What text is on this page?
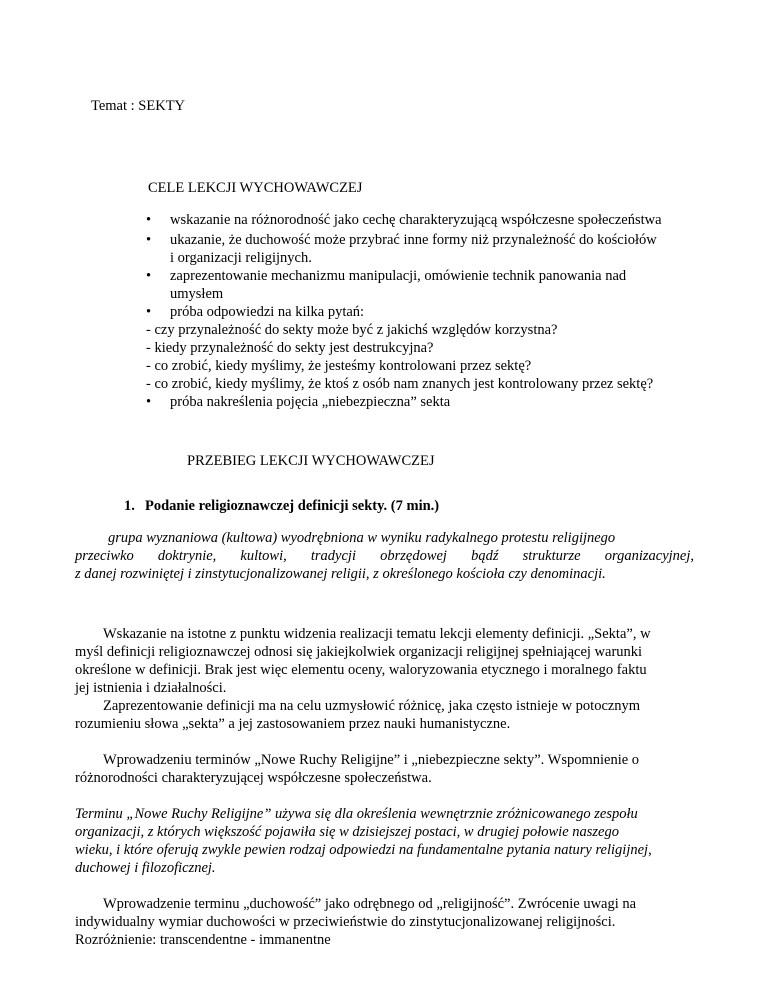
Temat : SEKTY
CELE LEKCJI WYCHOWAWCZEJ
• wskazanie na różnorodność jako cechę charakteryzującą współczesne społeczeństwa
• ukazanie, że duchowość może przybrać inne formy niż przynależność do kościołów
i organizacji religijnych.
• zaprezentowanie mechanizmu manipulacji, omówienie technik panowania nad
umysłem
• próba odpowiedzi na kilka pytań:
- czy przynależność do sekty może być z jakichś względów korzystna?
- kiedy przynależność do sekty jest destrukcyjna?
- co zrobić, kiedy myślimy, że jesteśmy kontrolowani przez sektę?
- co zrobić, kiedy myślimy, że ktoś z osób nam znanych jest kontrolowany przez sektę?
• próba nakreślenia pojęcia „niebezpieczna” sekta
PRZEBIEG LEKCJI WYCHOWAWCZEJ
1. Podanie religioznawczej definicji sekty. (7 min.)
grupa wyznaniowa (kultowa) wyodrębniona w wyniku radykalnego protestu religijnego
przeciwko doktrynie, kultowi, tradycji obrzędowej bądź strukturze organizacyjnej,
z danej rozwiniętej i zinstytucjonalizowanej religii, z określonego kościoła czy denominacji.
Wskazanie na istotne z punktu widzenia realizacji tematu lekcji elementy definicji. „Sekta”, w
myśl definicji religioznawczej odnosi się jakiejkolwiek organizacji religijnej spełniającej warunki
określone w definicji. Brak jest więc elementu oceny, waloryzowania etycznego i moralnego faktu
jej istnienia i działalności.
Zaprezentowanie definicji ma na celu uzmysłowić różnicę, jaka często istnieje w potocznym
rozumieniu słowa „sekta” a jej zastosowaniem przez nauki humanistyczne.
Wprowadzeniu terminów „Nowe Ruchy Religijne” i „niebezpieczne sekty”. Wspomnienie o
różnorodności charakteryzującej współczesne społeczeństwa.
Terminu „Nowe Ruchy Religijne” używa się dla określenia wewnętrznie zróżnicowanego zespołu
organizacji, z których większość pojawiła się w dzisiejszej postaci, w drugiej połowie naszego
wieku, i które oferują zwykle pewien rodzaj odpowiedzi na fundamentalne pytania natury religijnej,
duchowej i filozoficznej.
Wprowadzenie terminu „duchowość” jako odrębnego od „religijność”. Zwrócenie uwagi na
indywidualny wymiar duchowości w przeciwieństwie do zinstytucjonalizowanej religijności.
Rozróżnienie: transcendentne - immanentne
